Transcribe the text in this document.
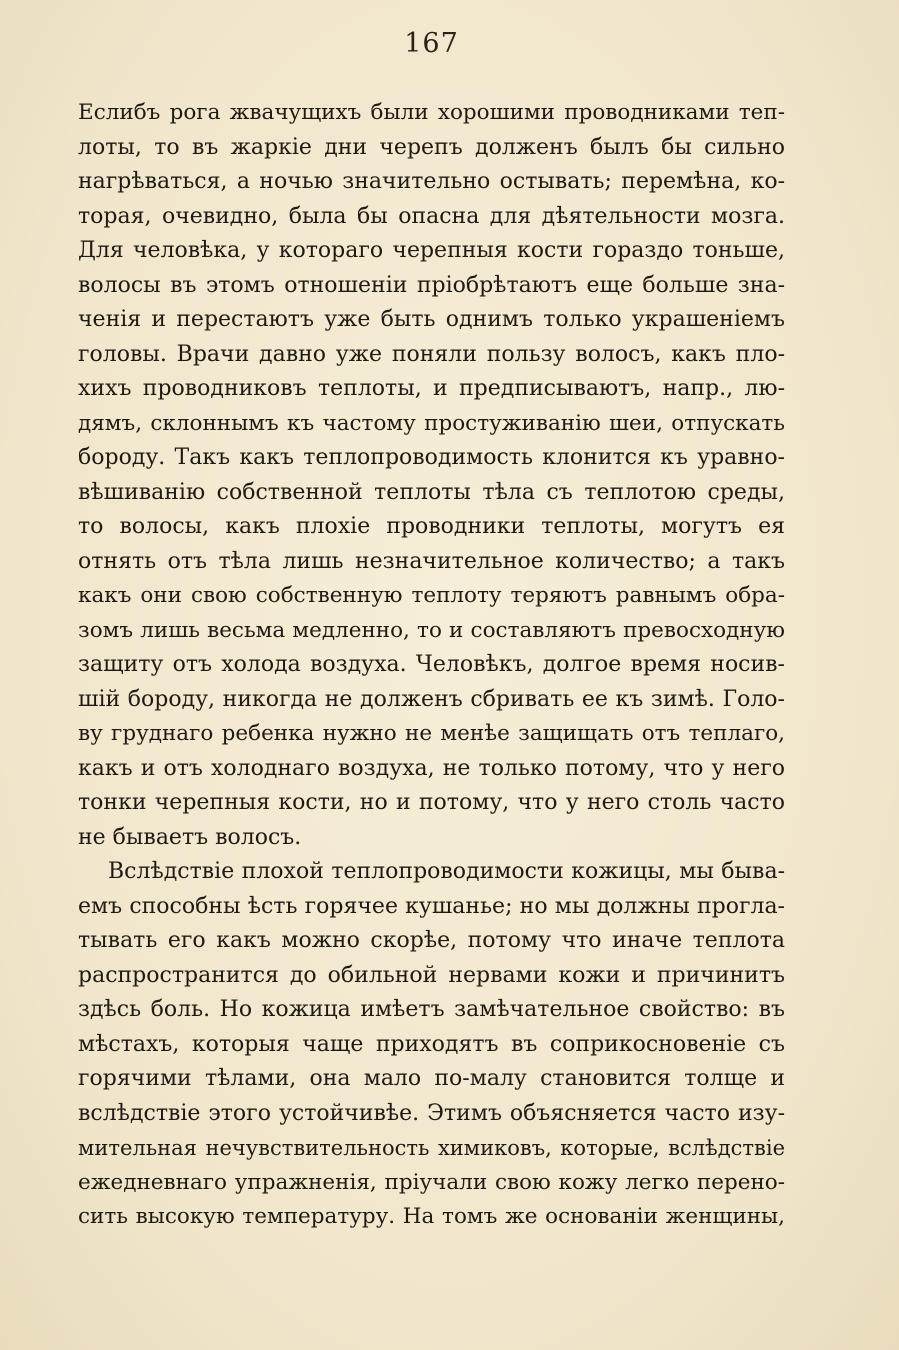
167
Еслибъ рога жвачущихъ были хорошими проводниками теп-
лоты, то въ жаркіе дни черепъ долженъ былъ бы сильно
нагрѣваться, а ночью значительно остывать; перемѣна, ко-
торая, очевидно, была бы опасна для дѣятельности мозга.
Для человѣка, у котораго черепныя кости гораздо тоньше,
волосы въ этомъ отношеніи пріобрѣтаютъ еще больше зна-
ченія и перестаютъ уже быть однимъ только украшеніемъ
головы. Врачи давно уже поняли пользу волосъ, какъ пло-
хихъ проводниковъ теплоты, и предписываютъ, напр., лю-
дямъ, склоннымъ къ частому простуживанію шеи, отпускать
бороду. Такъ какъ теплопроводимость клонится къ уравно-
вѣшиванію собственной теплоты тѣла съ теплотою среды,
то волосы, какъ плохіе проводники теплоты, могутъ ея
отнять отъ тѣла лишь незначительное количество; а такъ
какъ они свою собственную теплоту теряютъ равнымъ обра-
зомъ лишь весьма медленно, то и составляютъ превосходную
защиту отъ холода воздуха. Человѣкъ, долгое время носив-
шій бороду, никогда не долженъ сбривать ее къ зимѣ. Голо-
ву груднаго ребенка нужно не менѣе защищать отъ теплаго,
какъ и отъ холоднаго воздуха, не только потому, что у него
тонки черепныя кости, но и потому, что у него столь часто
не бываетъ волосъ.
Вслѣдствіе плохой теплопроводимости кожицы, мы быва-
емъ способны ѣсть горячее кушанье; но мы должны прогла-
тывать его какъ можно скорѣе, потому что иначе теплота
распространится до обильной нервами кожи и причинитъ
здѣсь боль. Но кожица имѣетъ замѣчательное свойство: въ
мѣстахъ, которыя чаще приходятъ въ соприкосновеніе съ
горячими тѣлами, она мало по-малу становится толще и
вслѣдствіе этого устойчивѣе. Этимъ объясняется часто изу-
мительная нечувствительность химиковъ, которые, вслѣдствіе
ежедневнаго упражненія, пріучали свою кожу легко перено-
сить высокую температуру. На томъ же основаніи женщины,
